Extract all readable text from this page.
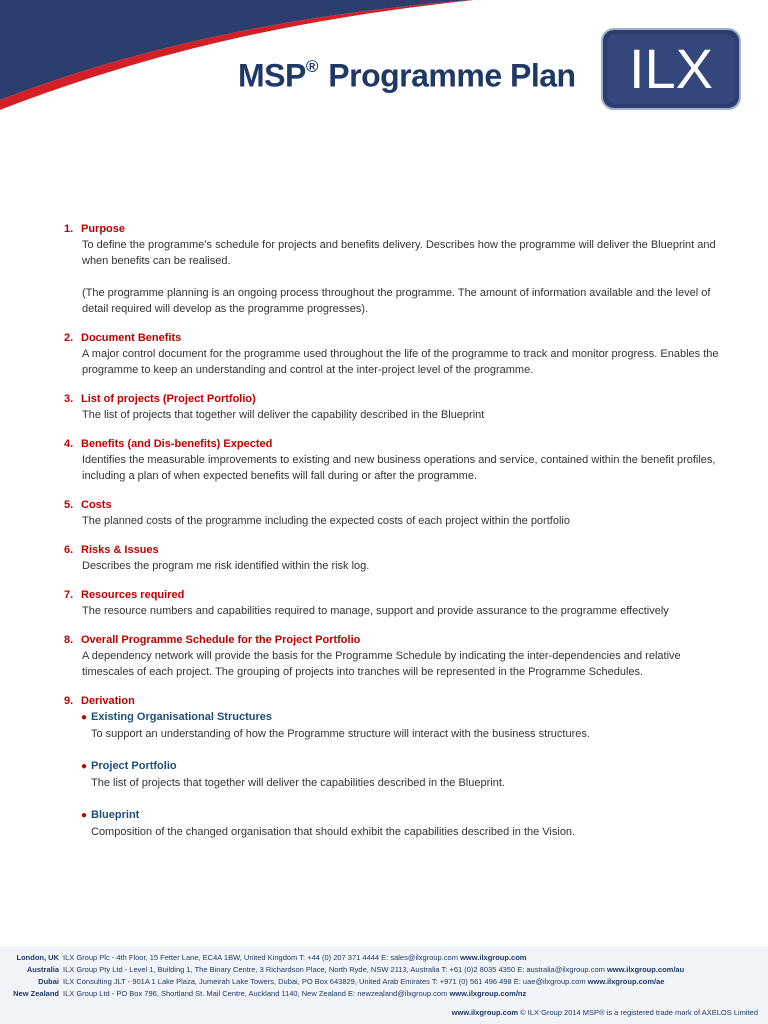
MSP® Programme Plan ILX
1. Purpose
To define the programme’s schedule for projects and benefits delivery. Describes how the programme will deliver the Blueprint and when benefits can be realised.
(The programme planning is an ongoing process throughout the programme. The amount of information available and the level of detail required will develop as the programme progresses).
2. Document Benefits
A major control document for the programme used throughout the life of the programme to track and monitor progress. Enables the programme to keep an understanding and control at the inter-project level of the programme.
3. List of projects (Project Portfolio)
The list of projects that together will deliver the capability described in the Blueprint
4. Benefits (and Dis-benefits) Expected
Identifies the measurable improvements to existing and new business operations and service, contained within the benefit profiles, including a plan of when expected benefits will fall during or after the programme.
5. Costs
The planned costs of the programme including the expected costs of each project within the portfolio
6. Risks & Issues
Describes the program me risk identified within the risk log.
7. Resources required
The resource numbers and capabilities required to manage, support and provide assurance to the programme effectively
8. Overall Programme Schedule for the Project Portfolio
A dependency network will provide the basis for the Programme Schedule by indicating the inter-dependencies and relative timescales of each project. The grouping of projects into tranches will be represented in the Programme Schedules.
9. Derivation
● Existing Organisational Structures
To support an understanding of how the Programme structure will interact with the business structures.
● Project Portfolio
The list of projects that together will deliver the capabilities described in the Blueprint.
● Blueprint
Composition of the changed organisation that should exhibit the capabilities described in the Vision.
London, UK ILX Group Plc - 4th Floor, 15 Fetter Lane, EC4A 1BW, United Kingdom T: +44 (0) 207 371 4444 E: sales@ilxgroup.com www.ilxgroup.com
Australia ILX Group Pty Ltd - Level 1, Building 1, The Binary Centre, 3 Richardson Place, North Ryde, NSW 2113, Australia T: +61 (0)2 8035 4350 E: australia@ilxgroup.com www.ilxgroup.com/au
Dubai ILX Consulting JLT - 901A 1 Lake Plaza, Jumeirah Lake Towers, Dubai, PO Box 643829, United Arab Emirates T: +971 (0) 561 496 498 E: uae@ilxgroup.com www.ilxgroup.com/ae
New Zealand ILX Group Ltd - PO Box 796, Shortland St. Mail Centre, Auckland 1140, New Zealand E: newzealand@ilxgroup.com www.ilxgroup.com/nz
www.ilxgroup.com © ILX Group 2014 MSP® is a registered trade mark of AXELOS Limited
